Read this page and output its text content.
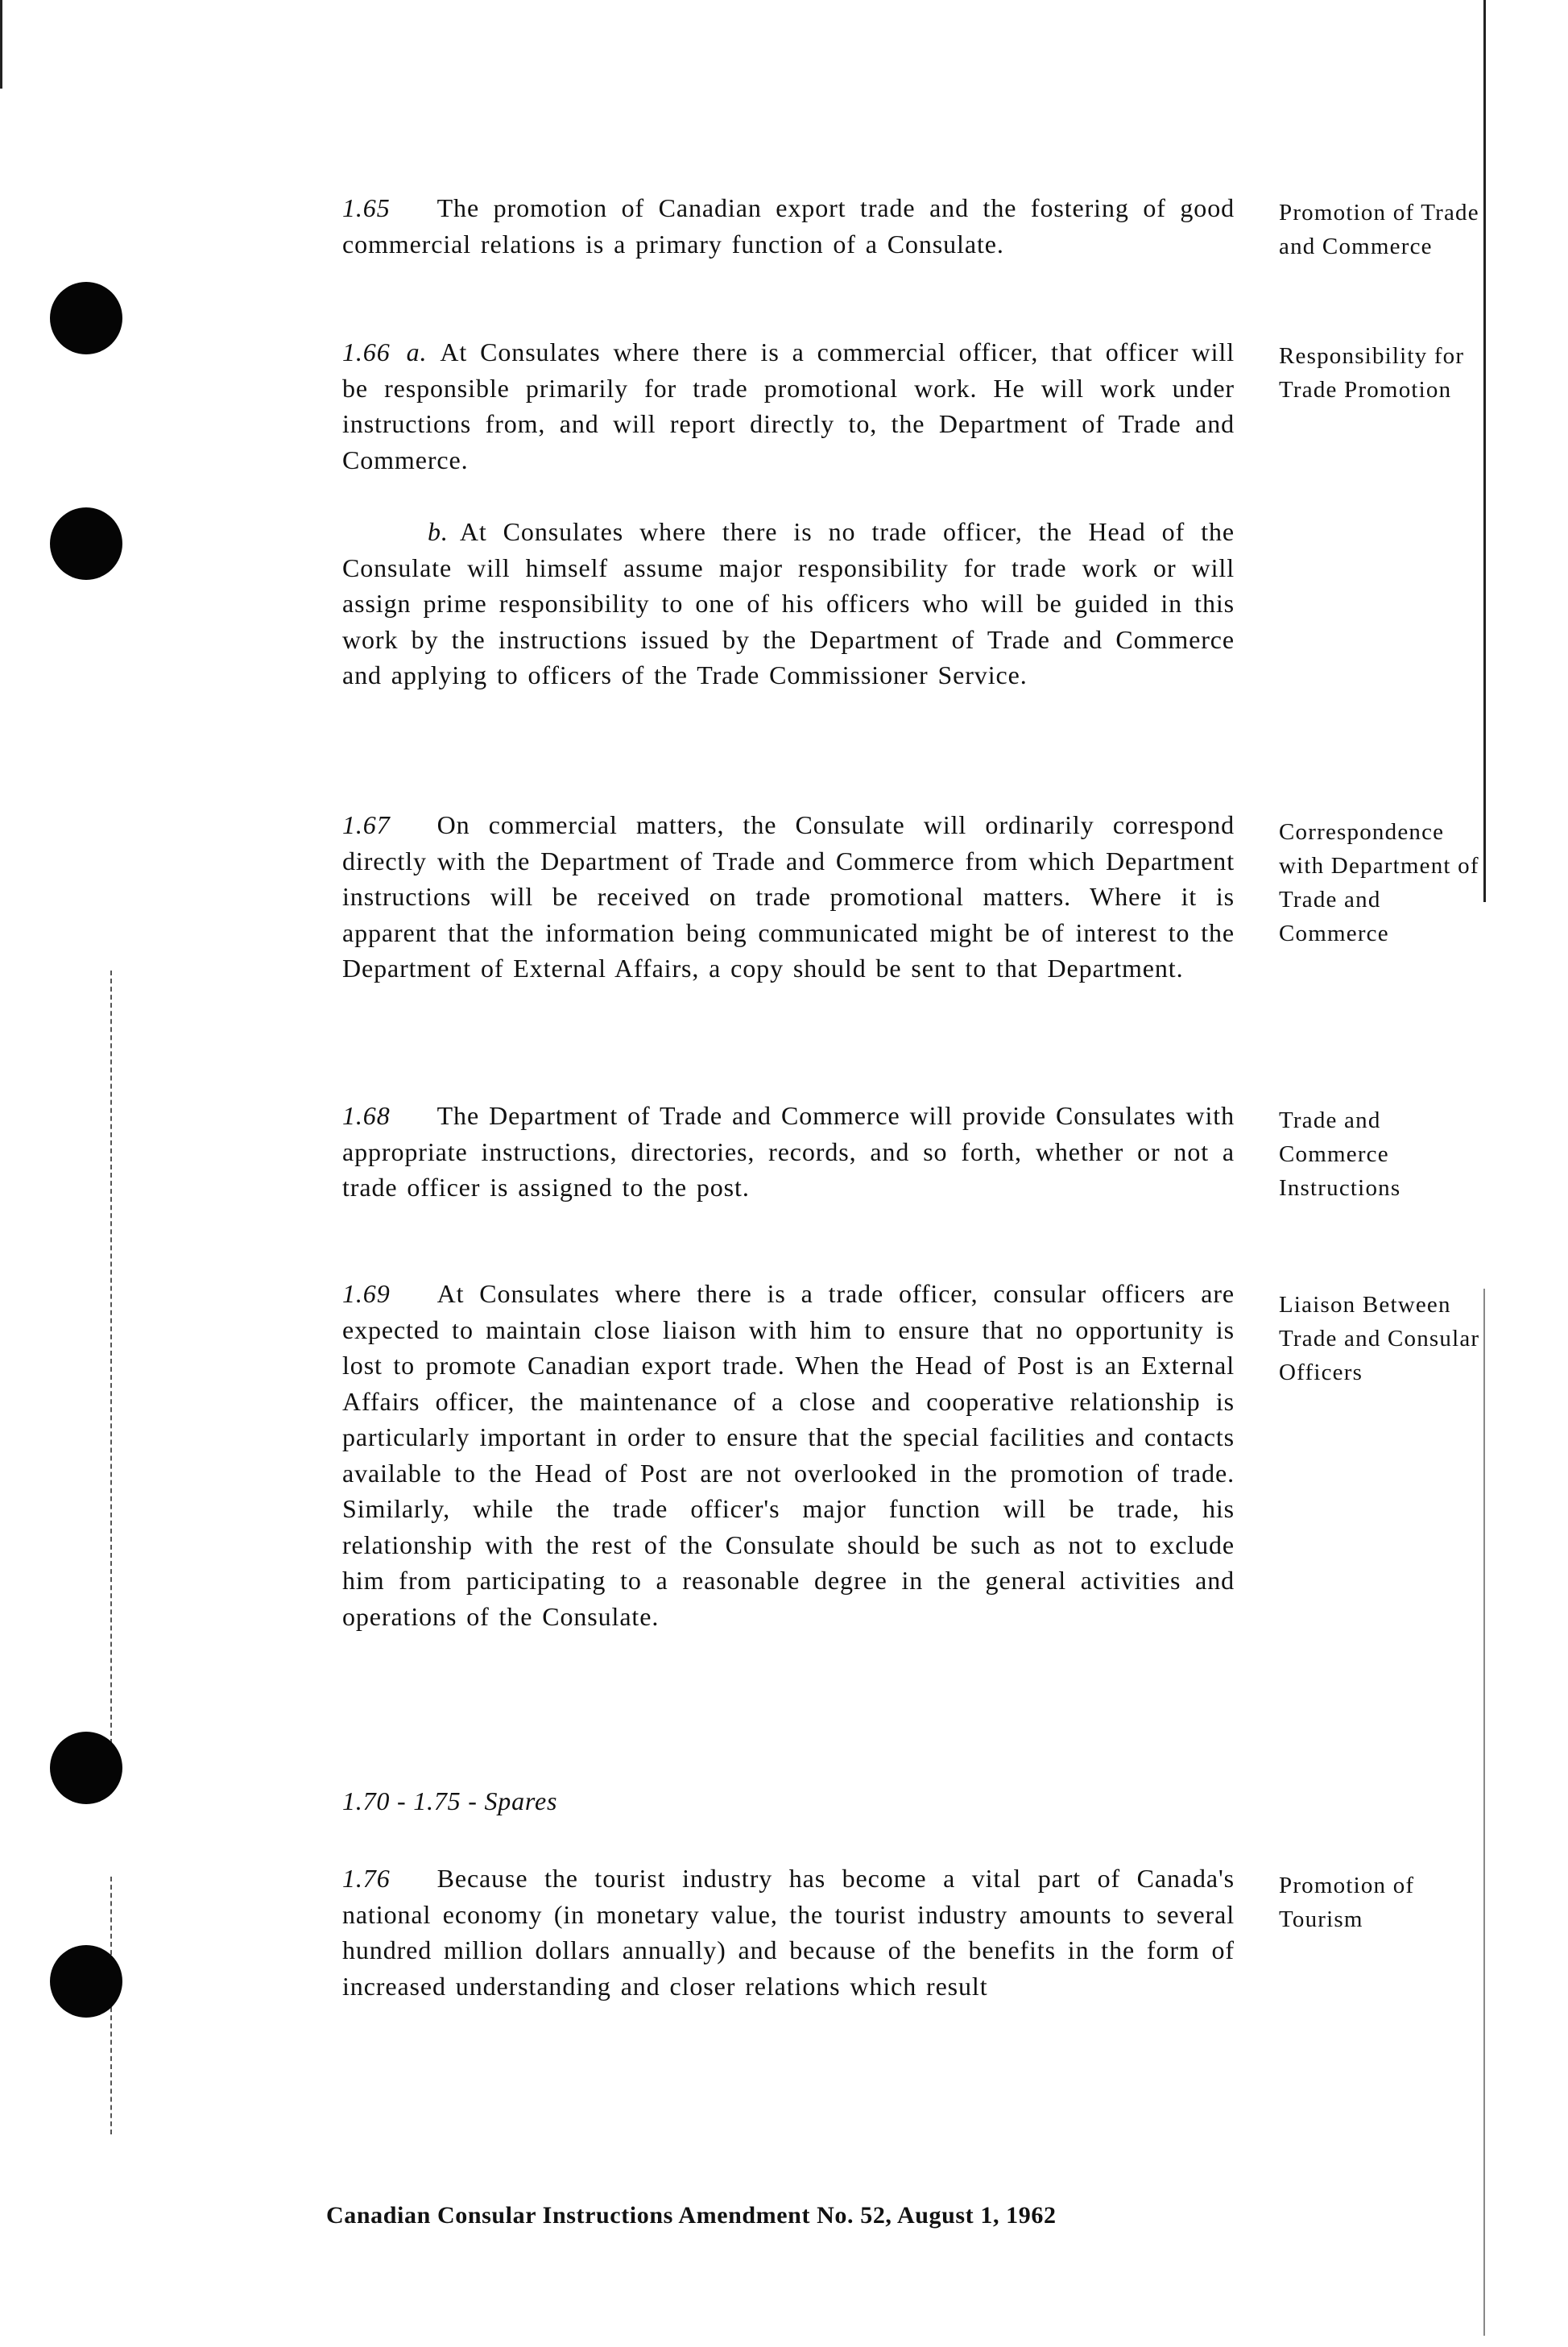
1.65 The promotion of Canadian export trade and the fostering of good commercial relations is a primary function of a Consulate.

Promotion of Trade and Commerce

1.66 a. At Consulates where there is a commercial officer, that officer will be responsible primarily for trade promotional work. He will work under instructions from, and will report directly to, the Department of Trade and Commerce.

Responsibility for Trade Promotion

b. At Consulates where there is no trade officer, the Head of the Consulate will himself assume major responsibility for trade work or will assign prime responsibility to one of his officers who will be guided in this work by the instructions issued by the Department of Trade and Commerce and applying to officers of the Trade Commissioner Service.

1.67 On commercial matters, the Consulate will ordinarily correspond directly with the Department of Trade and Commerce from which Department instructions will be received on trade promotional matters. Where it is apparent that the information being communicated might be of interest to the Department of External Affairs, a copy should be sent to that Department.

Correspondence with Department of Trade and Commerce

1.68 The Department of Trade and Commerce will provide Consulates with appropriate instructions, directories, records, and so forth, whether or not a trade officer is assigned to the post.

Trade and Commerce Instructions

1.69 At Consulates where there is a trade officer, consular officers are expected to maintain close liaison with him to ensure that no opportunity is lost to promote Canadian export trade. When the Head of Post is an External Affairs officer, the maintenance of a close and cooperative relationship is particularly important in order to ensure that the special facilities and contacts available to the Head of Post are not overlooked in the promotion of trade. Similarly, while the trade officer's major function will be trade, his relationship with the rest of the Consulate should be such as not to exclude him from participating to a reasonable degree in the general activities and operations of the Consulate.

Liaison Between Trade and Consular Officers

1.70 - 1.75 - Spares

1.76 Because the tourist industry has become a vital part of Canada's national economy (in monetary value, the tourist industry amounts to several hundred million dollars annually) and because of the benefits in the form of increased understanding and closer relations which result

Promotion of Tourism

Canadian Consular Instructions Amendment No. 52, August 1, 1962
